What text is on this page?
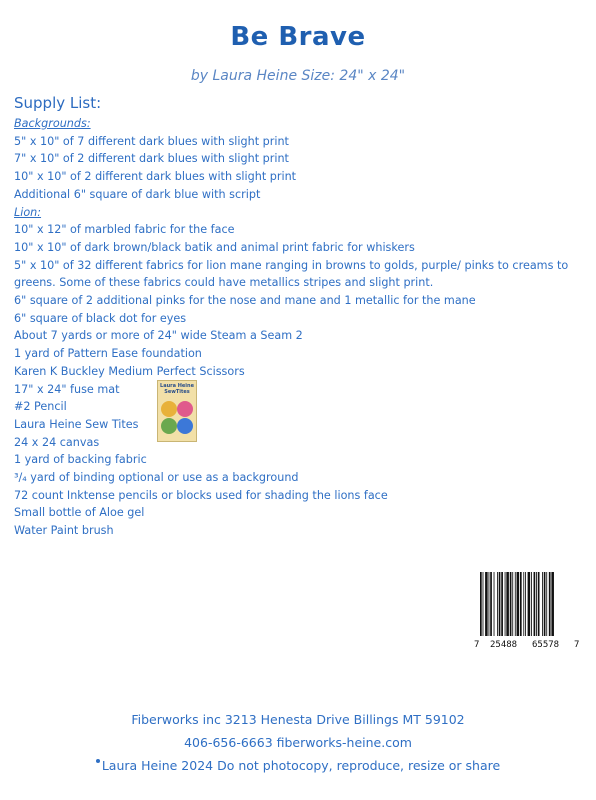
Be Brave
by Laura Heine Size: 24" x 24"
Supply List:
Backgrounds:
5" x 10" of 7 different dark blues with slight print
7" x 10" of 2 different dark blues with slight print
10" x 10" of 2 different dark blues with slight print
Additional 6" square of dark blue with script
Lion:
10" x 12" of marbled fabric for the face
10" x 10" of dark brown/black batik and animal print fabric for whiskers
5" x 10" of 32 different fabrics for lion mane ranging in browns to golds, purple/ pinks to creams to
greens. Some of these fabrics could have metallics stripes and slight print.
6" square of 2 additional pinks for the nose and mane and 1 metallic for the mane
6" square of black dot for eyes
About 7 yards or more of 24" wide Steam a Seam 2
1 yard of Pattern Ease foundation
Karen K Buckley Medium Perfect Scissors
17" x 24" fuse mat
#2 Pencil
Laura Heine Sew Tites
24 x 24 canvas
1 yard of backing fabric
³/₄ yard of binding optional or use as a background
72 count Inktense pencils or blocks used for shading the lions face
Small bottle of Aloe gel
Water Paint brush
Laura Heine SewTites
7 25488 65578 7
Fiberworks inc 3213 Henesta Drive Billings MT 59102
406-656-6663 fiberworks-heine.com
Laura Heine 2024 Do not photocopy, reproduce, resize or share
